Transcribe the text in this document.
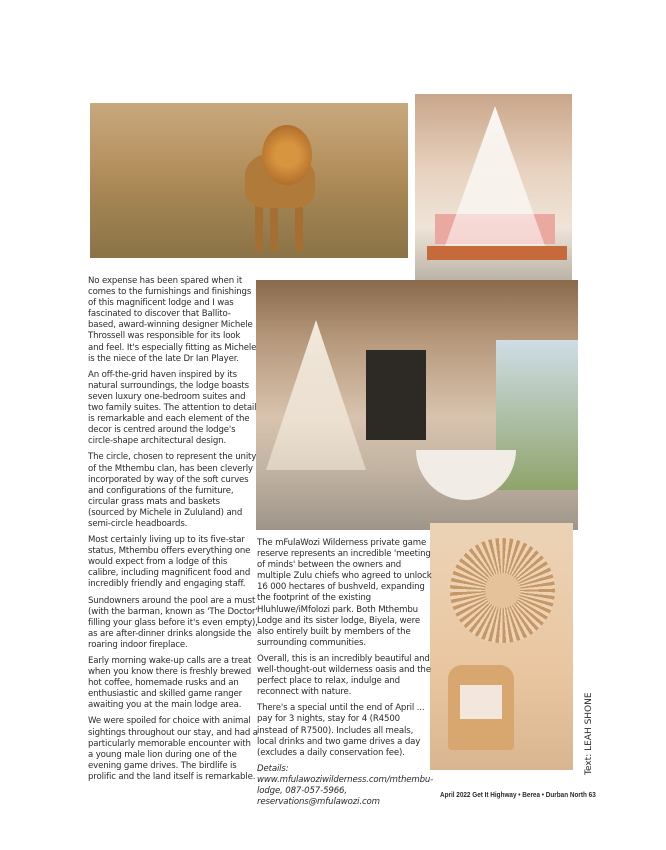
No expense has been spared when it comes to the furnishings and finishings of this magnificent lodge and I was fascinated to discover that Ballito-based, award-winning designer Michele Throssell was responsible for its look and feel. It's especially fitting as Michele is the niece of the late Dr Ian Player.

An off-the-grid haven inspired by its natural surroundings, the lodge boasts seven luxury one-bedroom suites and two family suites. The attention to detail is remarkable and each element of the decor is centred around the lodge's circle-shape architectural design.

The circle, chosen to represent the unity of the Mthembu clan, has been cleverly incorporated by way of the soft curves and configurations of the furniture, circular grass mats and baskets (sourced by Michele in Zululand) and semi-circle headboards.

Most certainly living up to its five-star status, Mthembu offers everything one would expect from a lodge of this calibre, including magnificent food and incredibly friendly and engaging staff.

Sundowners around the pool are a must (with the barman, known as 'The Doctor' filling your glass before it's even empty), as are after-dinner drinks alongside the roaring indoor fireplace.

Early morning wake-up calls are a treat when you know there is freshly brewed hot coffee, homemade rusks and an enthusiastic and skilled game ranger awaiting you at the main lodge area.

We were spoiled for choice with animal sightings throughout our stay, and had a particularly memorable encounter with a young male lion during one of the evening game drives. The birdlife is prolific and the land itself is remarkable.

The mFulaWozi Wilderness private game reserve represents an incredible 'meeting of minds' between the owners and multiple Zulu chiefs who agreed to unlock 16 000 hectares of bushveld, expanding the footprint of the existing Hluhluwe/iMfolozi park. Both Mthembu Lodge and its sister lodge, Biyela, were also entirely built by members of the surrounding communities.

Overall, this is an incredibly beautiful and well-thought-out wilderness oasis and the perfect place to relax, indulge and reconnect with nature.

There's a special until the end of April ... pay for 3 nights, stay for 4 (R4500 instead of R7500). Includes all meals, local drinks and two game drives a day (excludes a daily conservation fee).

Details: www.mfulawoziwilderness.com/mthembu-lodge, 087-057-5966, reservations@mfulawozi.com

Text: LEAH SHONE
April 2022 Get It Highway • Berea • Durban North 63
